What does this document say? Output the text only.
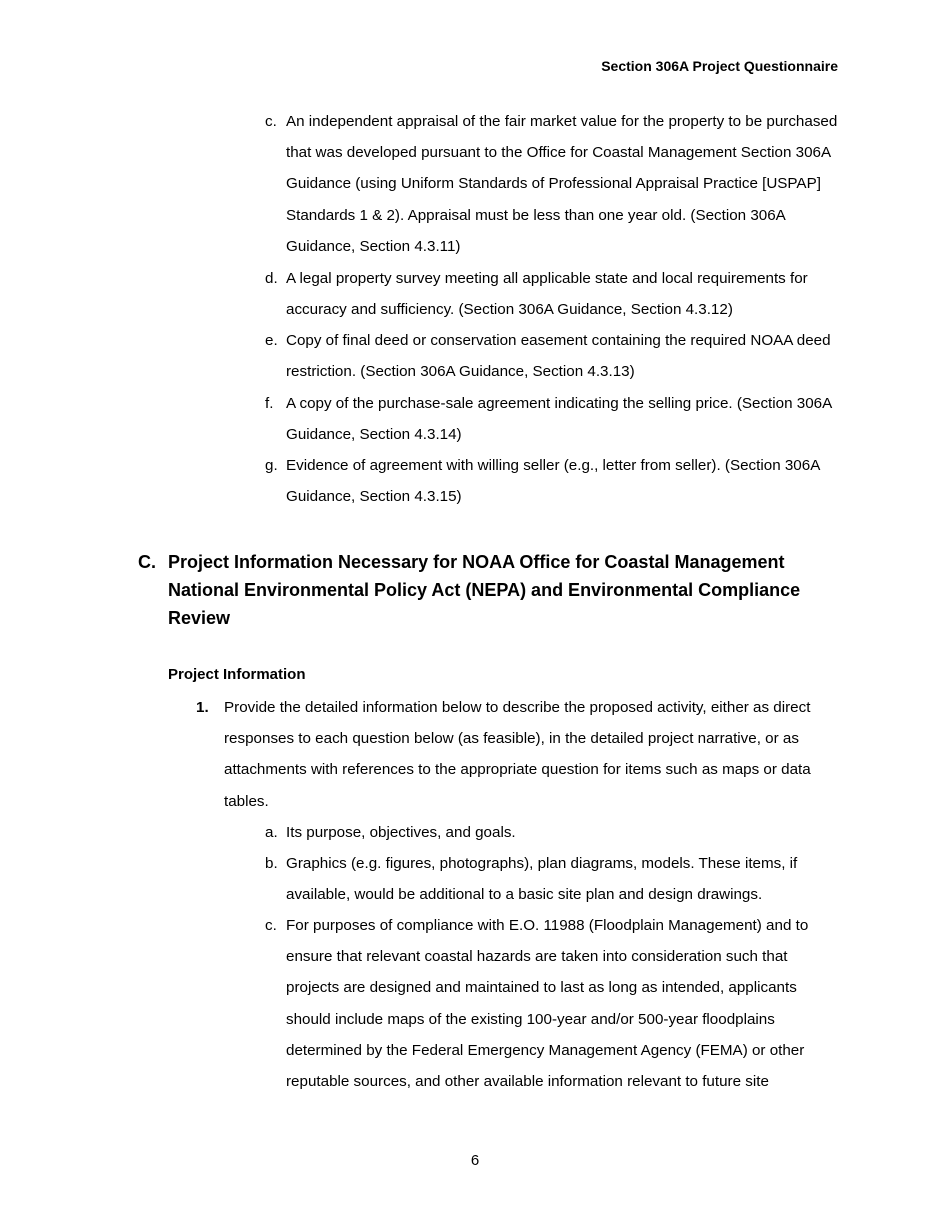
Section 306A Project Questionnaire
c. An independent appraisal of the fair market value for the property to be purchased that was developed pursuant to the Office for Coastal Management Section 306A Guidance (using Uniform Standards of Professional Appraisal Practice [USPAP] Standards 1 & 2). Appraisal must be less than one year old. (Section 306A Guidance, Section 4.3.11)
d. A legal property survey meeting all applicable state and local requirements for accuracy and sufficiency. (Section 306A Guidance, Section 4.3.12)
e. Copy of final deed or conservation easement containing the required NOAA deed restriction. (Section 306A Guidance, Section 4.3.13)
f. A copy of the purchase-sale agreement indicating the selling price. (Section 306A Guidance, Section 4.3.14)
g. Evidence of agreement with willing seller (e.g., letter from seller). (Section 306A Guidance, Section 4.3.15)
C. Project Information Necessary for NOAA Office for Coastal Management National Environmental Policy Act (NEPA) and Environmental Compliance Review
Project Information
1. Provide the detailed information below to describe the proposed activity, either as direct responses to each question below (as feasible), in the detailed project narrative, or as attachments with references to the appropriate question for items such as maps or data tables.
a. Its purpose, objectives, and goals.
b. Graphics (e.g. figures, photographs), plan diagrams, models. These items, if available, would be additional to a basic site plan and design drawings.
c. For purposes of compliance with E.O. 11988 (Floodplain Management) and to ensure that relevant coastal hazards are taken into consideration such that projects are designed and maintained to last as long as intended, applicants should include maps of the existing 100-year and/or 500-year floodplains determined by the Federal Emergency Management Agency (FEMA) or other reputable sources, and other available information relevant to future site
6
